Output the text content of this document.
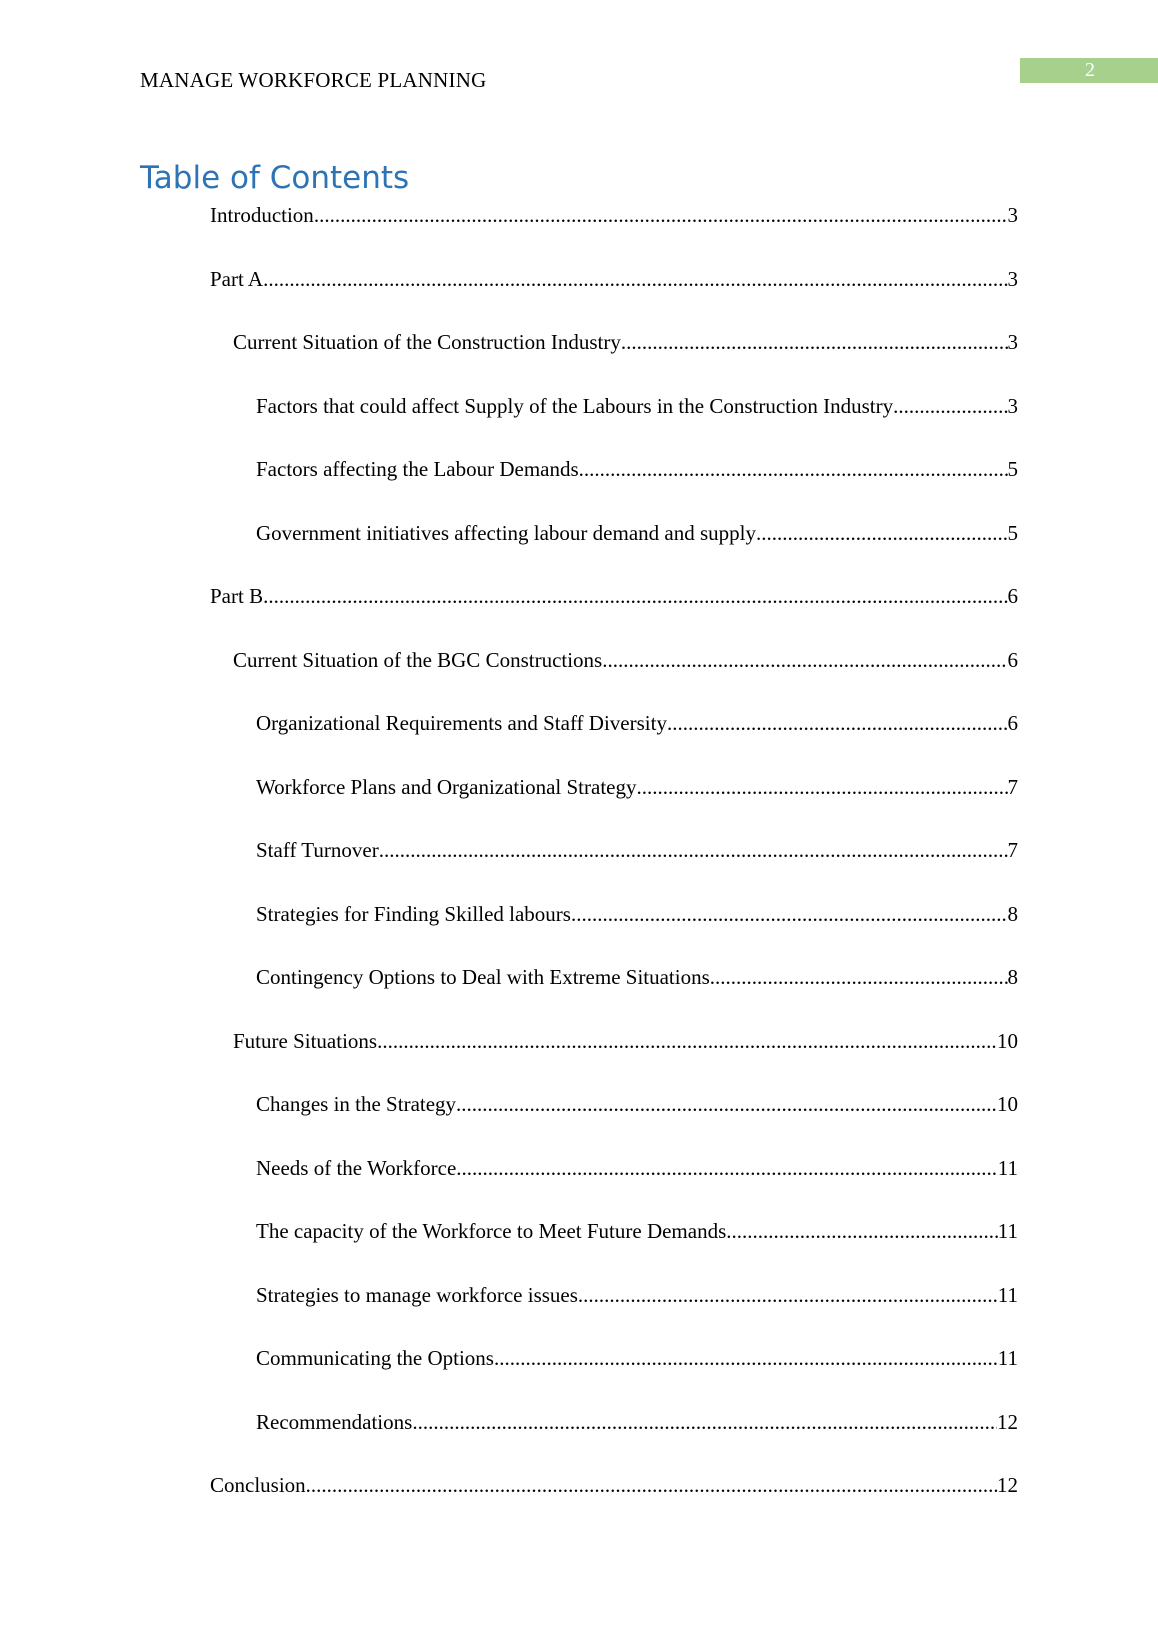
MANAGE WORKFORCE PLANNING	2
Table of Contents
Introduction .....	3
Part A .....	3
Current Situation of the Construction Industry .....	3
Factors that could affect Supply of the Labours in the Construction Industry .....	3
Factors affecting the Labour Demands .....	5
Government initiatives affecting labour demand and supply .....	5
Part B .....	6
Current Situation of the BGC Constructions .....	6
Organizational Requirements and Staff Diversity .....	6
Workforce Plans and Organizational Strategy .....	7
Staff Turnover .....	7
Strategies for Finding Skilled labours .....	8
Contingency Options to Deal with Extreme Situations .....	8
Future Situations .....	10
Changes in the Strategy .....	10
Needs of the Workforce .....	11
The capacity of the Workforce to Meet Future Demands .....	11
Strategies to manage workforce issues .....	11
Communicating the Options .....	11
Recommendations .....	12
Conclusion .....	12
